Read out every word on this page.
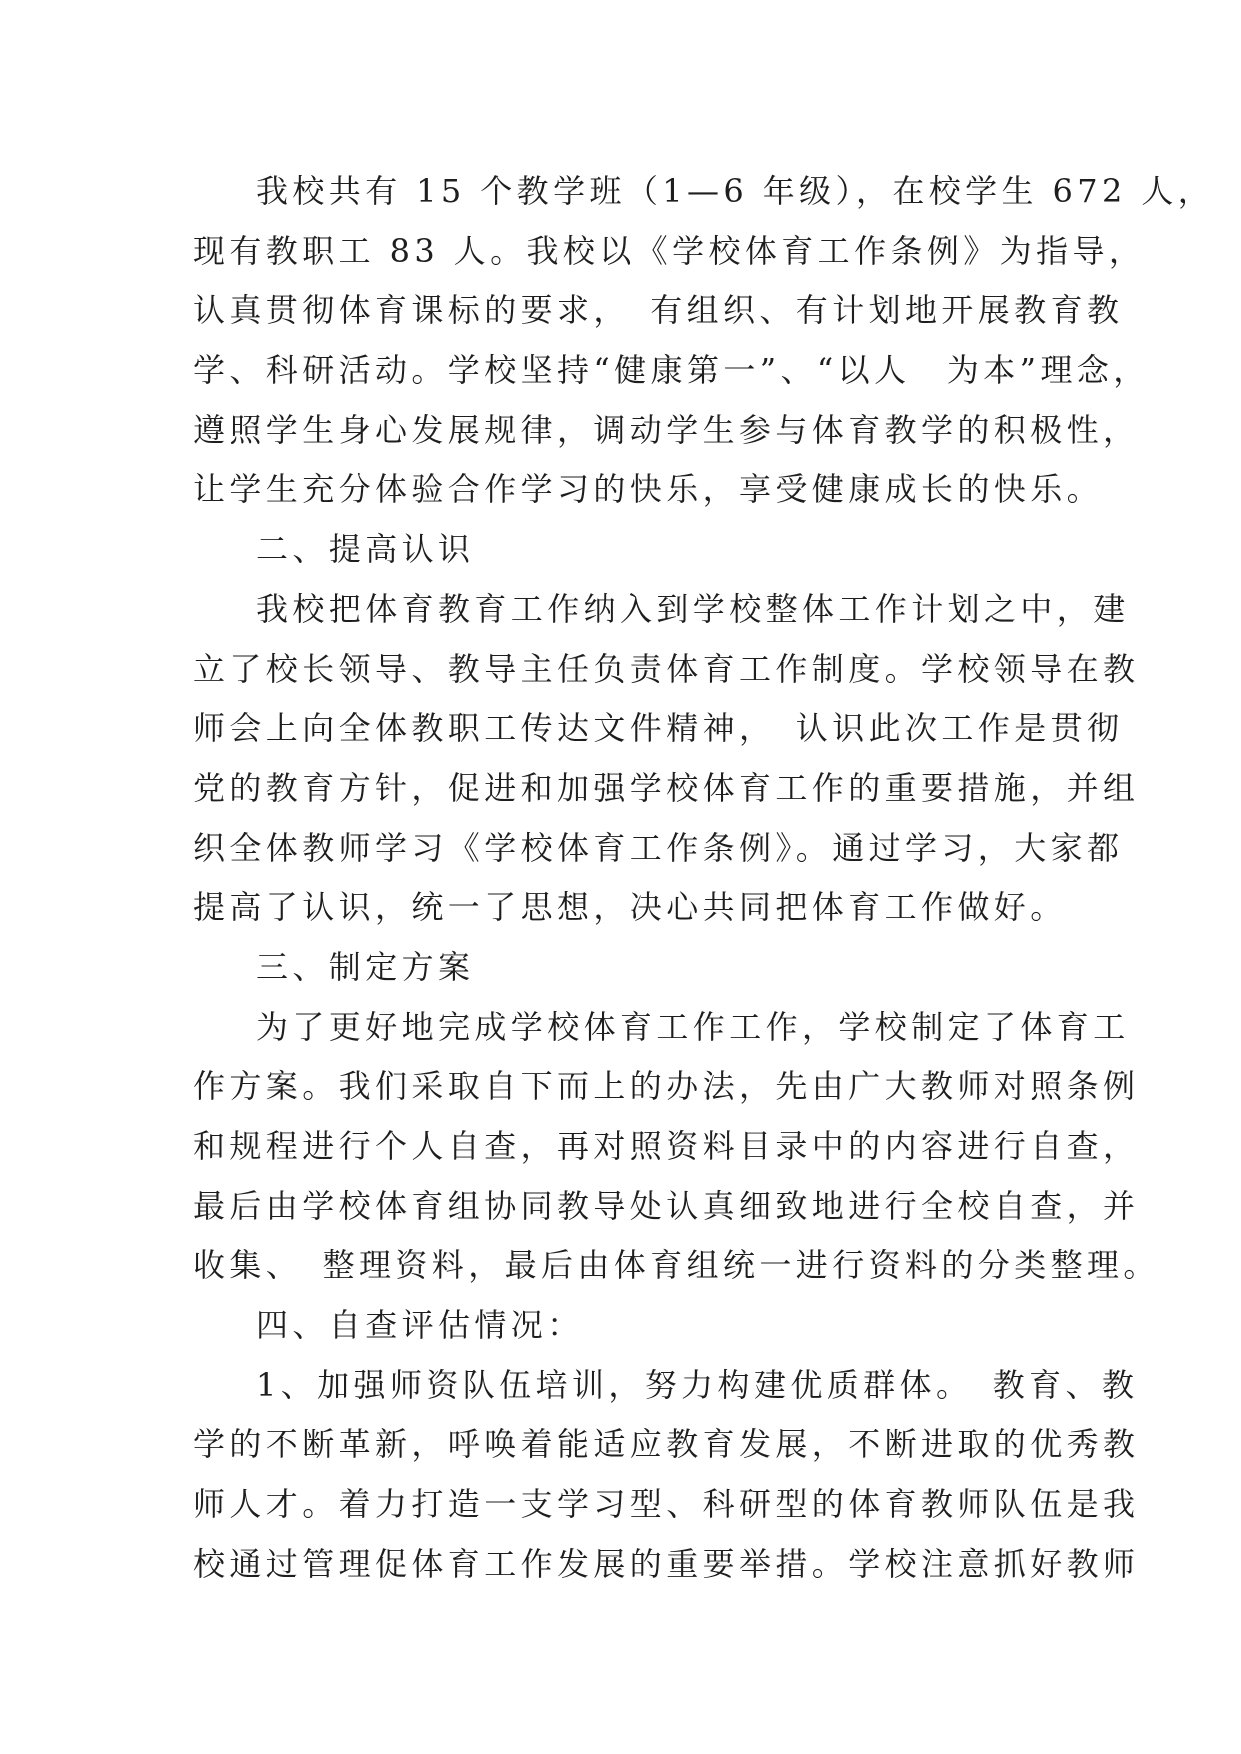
我校共有 15 个教学班（1—6 年级），在校学生 672 人，
现有教职工 83 人。我校以《学校体育工作条例》为指导，
认真贯彻体育课标的要求，　有组织、有计划地开展教育教
学、科研活动。学校坚持“健康第一”、“以人　为本”理念，
遵照学生身心发展规律，调动学生参与体育教学的积极性，
让学生充分体验合作学习的快乐，享受健康成长的快乐。
二、提高认识
我校把体育教育工作纳入到学校整体工作计划之中，建
立了校长领导、教导主任负责体育工作制度。学校领导在教
师会上向全体教职工传达文件精神，　认识此次工作是贯彻
党的教育方针，促进和加强学校体育工作的重要措施，并组
织全体教师学习《学校体育工作条例》。通过学习，大家都
提高了认识，统一了思想，决心共同把体育工作做好。
三、制定方案
为了更好地完成学校体育工作工作，学校制定了体育工
作方案。我们采取自下而上的办法，先由广大教师对照条例
和规程进行个人自查，再对照资料目录中的内容进行自查，
最后由学校体育组协同教导处认真细致地进行全校自查，并
收集、　整理资料，最后由体育组统一进行资料的分类整理。
四、自查评估情况：
1、加强师资队伍培训，努力构建优质群体。　教育、教
学的不断革新，呼唤着能适应教育发展，不断进取的优秀教
师人才。着力打造一支学习型、科研型的体育教师队伍是我
校通过管理促体育工作发展的重要举措。学校注意抓好教师
